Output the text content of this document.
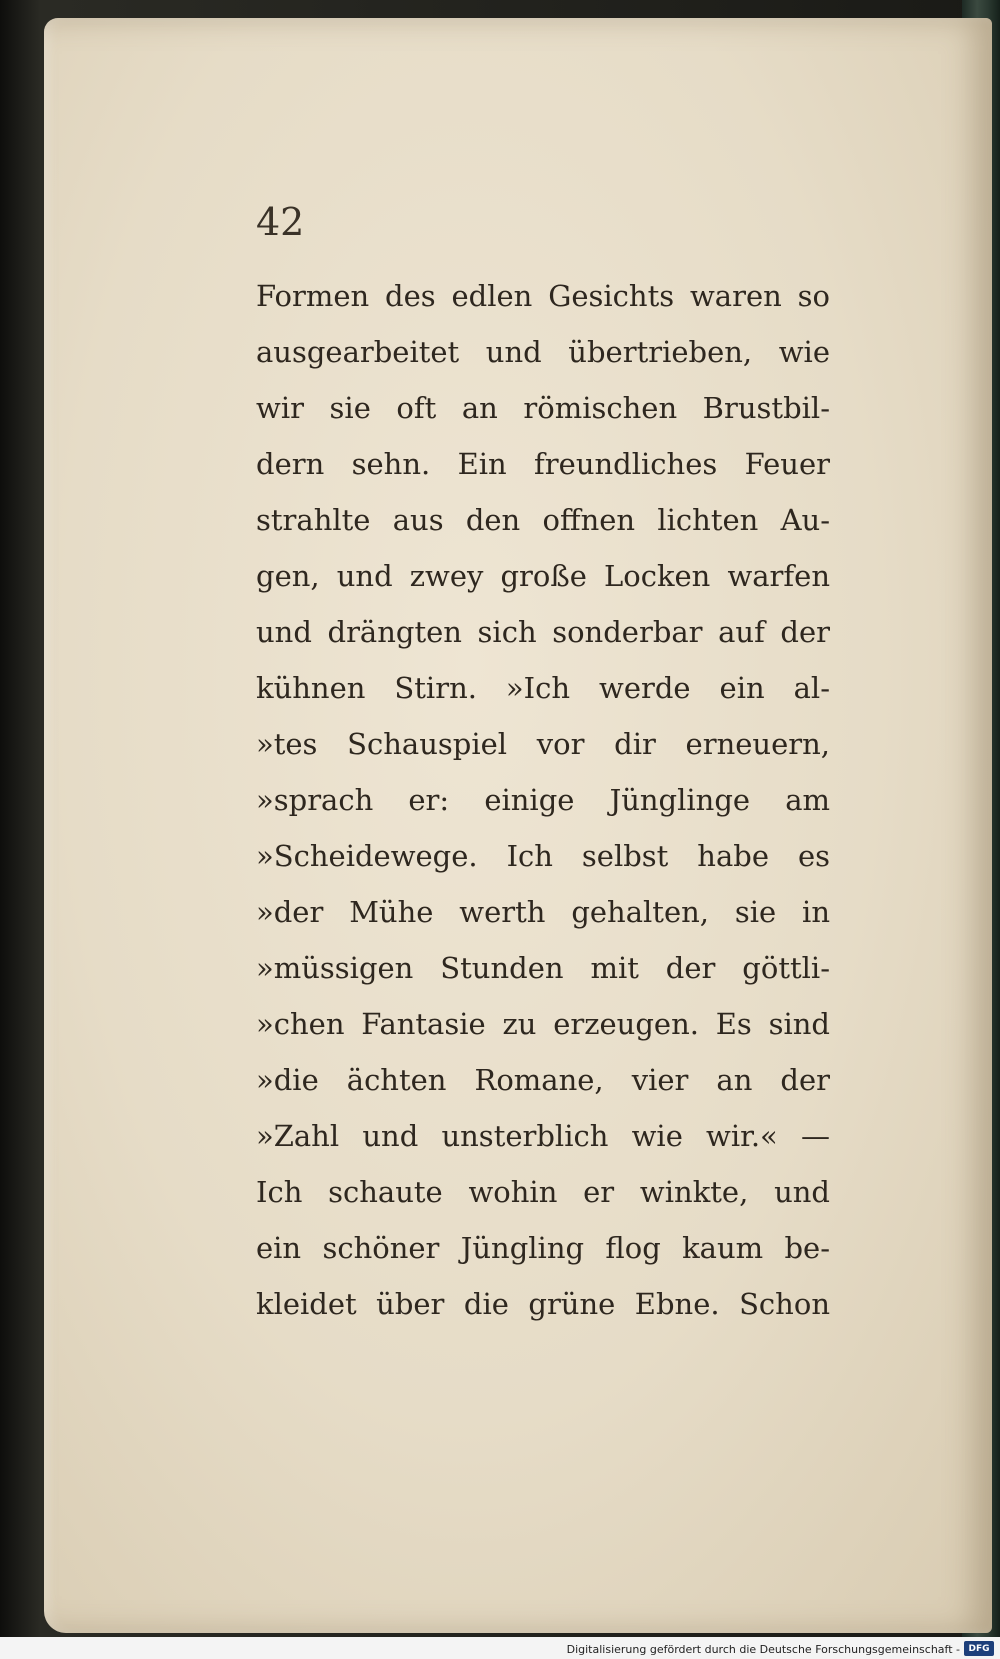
42
Formen des edlen Gesichts waren so
ausgearbeitet und übertrieben, wie
wir sie oft an römischen Brustbil-
dern sehn. Ein freundliches Feuer
strahlte aus den offnen lichten Au-
gen, und zwey große Locken warfen
und drängten sich sonderbar auf der
kühnen Stirn. »Ich werde ein al-
»tes Schauspiel vor dir erneuern,
»sprach er: einige Jünglinge am
»Scheidewege. Ich selbst habe es
»der Mühe werth gehalten, sie in
»müssigen Stunden mit der göttli-
»chen Fantasie zu erzeugen. Es sind
»die ächten Romane, vier an der
»Zahl und unsterblich wie wir.« —
Ich schaute wohin er winkte, und
ein schöner Jüngling flog kaum be-
kleidet über die grüne Ebne. Schon
Digitalisierung gefördert durch die Deutsche Forschungsgemeinschaft - DFG
